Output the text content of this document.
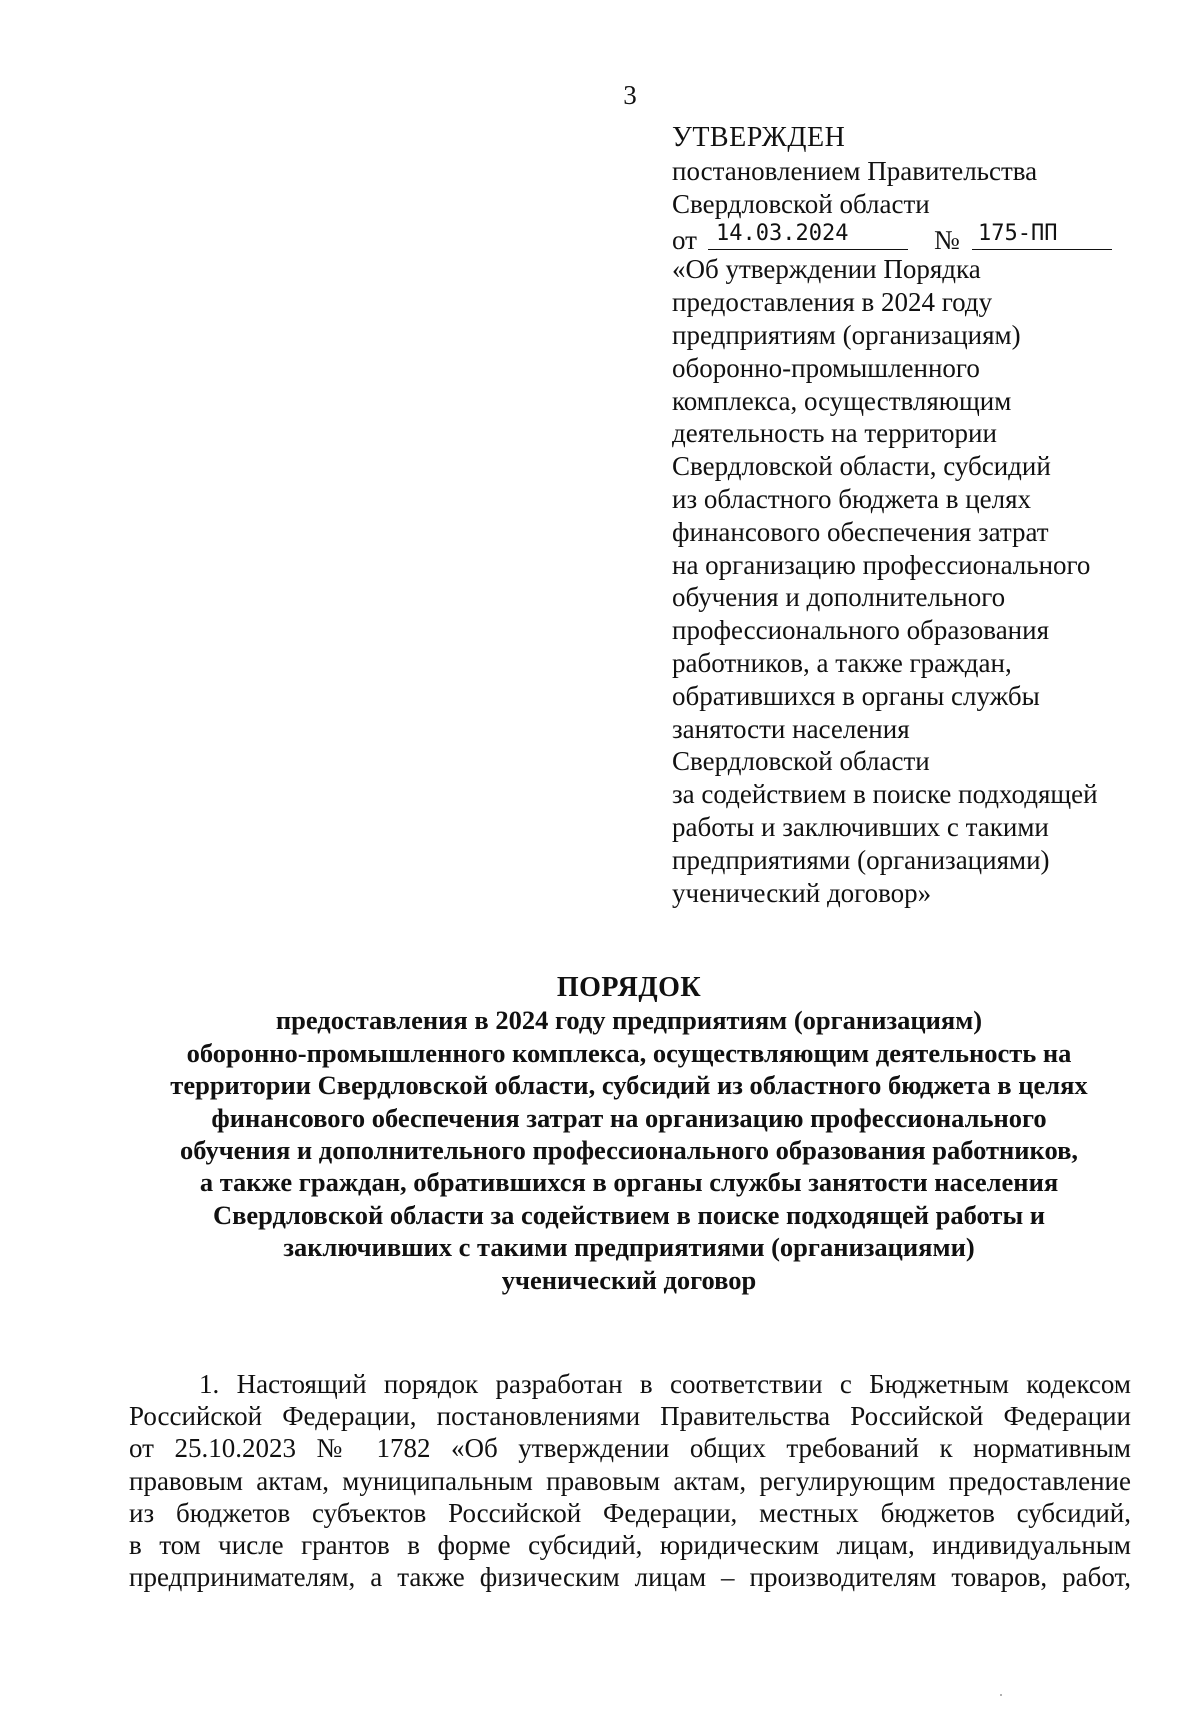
3
УТВЕРЖДЕН
постановлением Правительства
Свердловской области
от 14.03.2024	№ 175-ПП
«Об утверждении Порядка
предоставления в 2024 году
предприятиям (организациям)
оборонно-промышленного
комплекса, осуществляющим
деятельность на территории
Свердловской области, субсидий
из областного бюджета в целях
финансового обеспечения затрат
на организацию профессионального
обучения и дополнительного
профессионального образования
работников, а также граждан,
обратившихся в органы службы
занятости населения
Свердловской области
за содействием в поиске подходящей
работы и заключивших с такими
предприятиями (организациями)
ученический договор»
ПОРЯДОК
предоставления в 2024 году предприятиям (организациям)
оборонно-промышленного комплекса, осуществляющим деятельность на
территории Свердловской области, субсидий из областного бюджета в целях
финансового обеспечения затрат на организацию профессионального
обучения и дополнительного профессионального образования работников,
а также граждан, обратившихся в органы службы занятости населения
Свердловской области за содействием в поиске подходящей работы и
заключивших с такими предприятиями (организациями)
ученический договор
1. Настоящий порядок разработан в соответствии с Бюджетным кодексом
Российской Федерации, постановлениями Правительства Российской Федерации
от 25.10.2023 № 1782 «Об утверждении общих требований к нормативным
правовым актам, муниципальным правовым актам, регулирующим предоставление
из бюджетов субъектов Российской Федерации, местных бюджетов субсидий,
в том числе грантов в форме субсидий, юридическим лицам, индивидуальным
предпринимателям, а также физическим лицам – производителям товаров, работ,
